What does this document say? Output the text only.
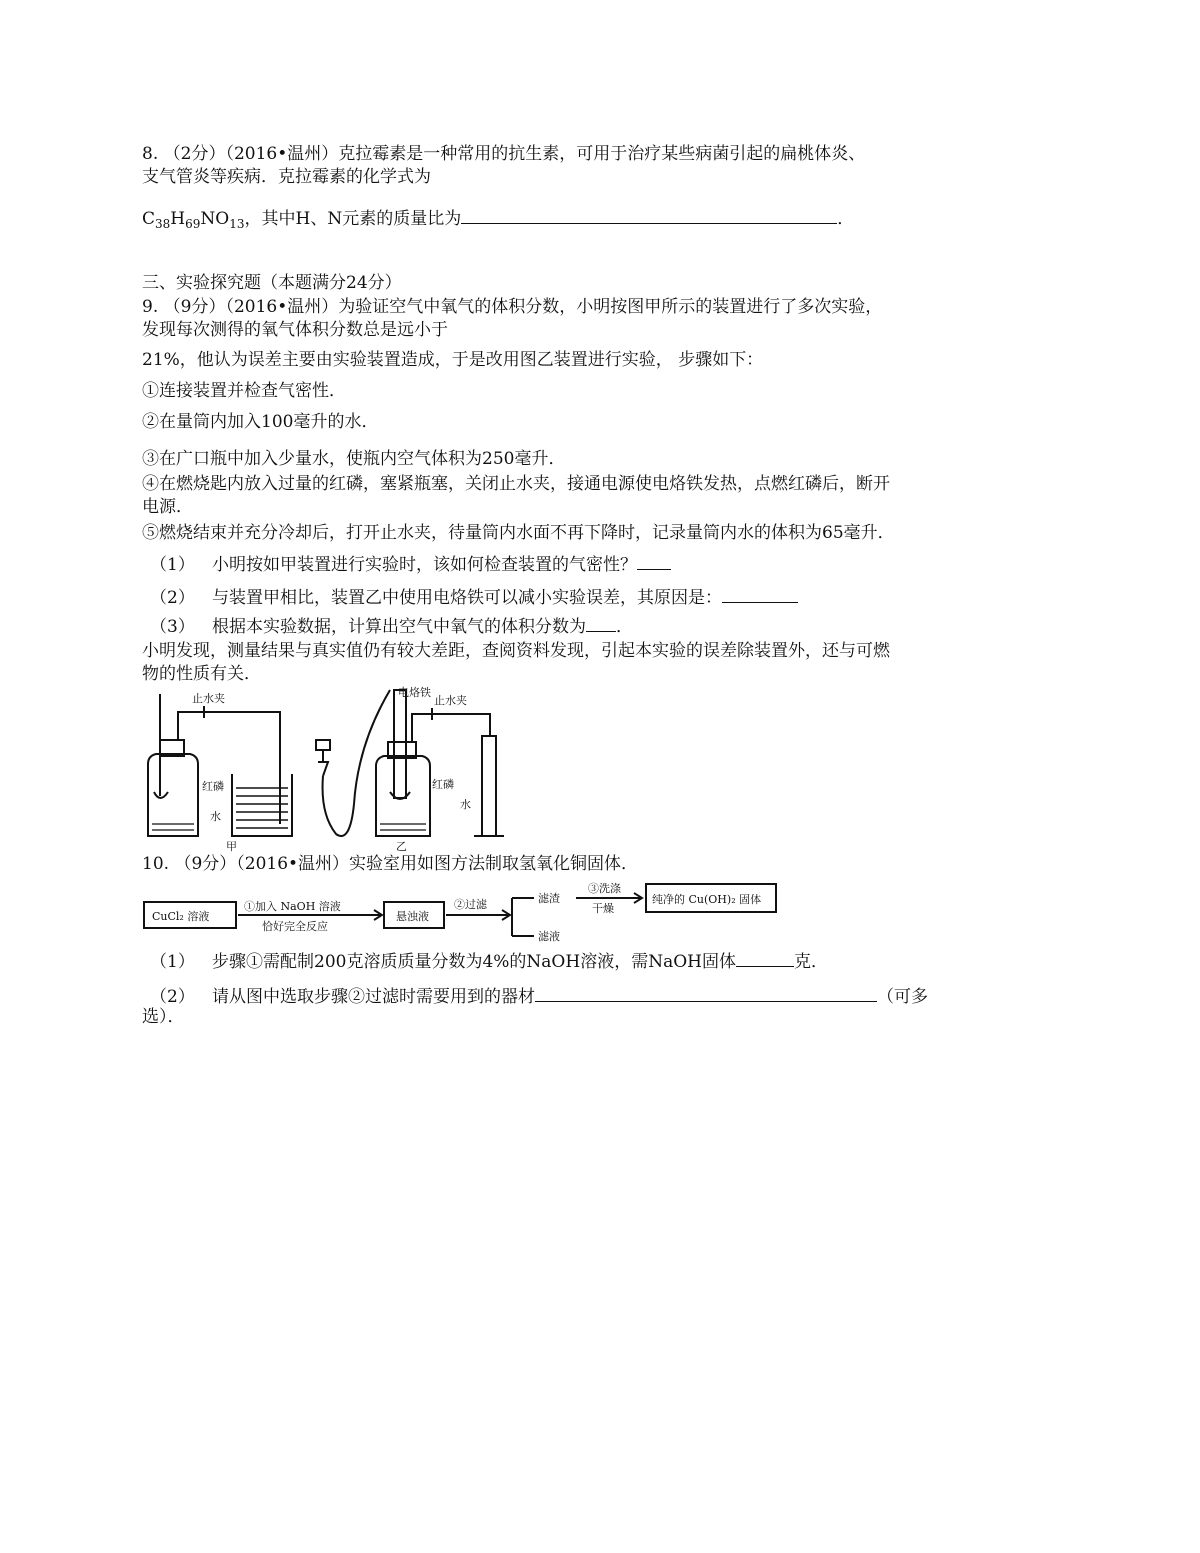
8. （2分）（2016•温州）克拉霉素是一种常用的抗生素，可用于治疗某些病菌引起的扁桃体炎、
支气管炎等疾病．克拉霉素的化学式为
$C_{38}H_{69}NO_{13}$，其中H、N元素的质量比为	．
三、实验探究题（本题满分24分）
9. （9分）（2016•温州）为验证空气中氧气的体积分数，小明按图甲所示的装置进行了多次实验，
发现每次测得的氧气体积分数总是远小于
21%，他认为误差主要由实验装置造成，于是改用图乙装置进行实验， 步骤如下：
①连接装置并检查气密性．
②在量筒内加入100毫升的水．
③在广口瓶中加入少量水，使瓶内空气体积为250毫升．
④在燃烧匙内放入过量的红磷，塞紧瓶塞，关闭止水夹，接通电源使电烙铁发热，点燃红磷后，断开
电源．
⑤燃烧结束并充分冷却后，打开止水夹，待量筒内水面不再下降时，记录量筒内水的体积为65毫升．
（1） 小明按如甲装置进行实验时，该如何检查装置的气密性？
（2） 与装置甲相比，装置乙中使用电烙铁可以减小实验误差，其原因是：
（3） 根据本实验数据，计算出空气中氧气的体积分数为 ．
小明发现，测量结果与真实值仍有较大差距，查阅资料发现，引起本实验的误差除装置外，还与可燃
物的性质有关．
止水夹
红磷
水
甲
电烙铁
止水夹
红磷
水
乙
10. （9分）（2016•温州）实验室用如图方法制取氢氧化铜固体．
CuCl₂ 溶液
①加入 NaOH 溶液
恰好完全反应
悬浊液
②过滤	滤渣
滤液
③洗涤
干燥
纯净的 Cu(OH)₂ 固体
（1） 步骤①需配制200克溶质质量分数为4%的NaOH溶液，需NaOH固体	克．
（2） 请从图中选取步骤②过滤时需要用到的器材	（可多
选）．
